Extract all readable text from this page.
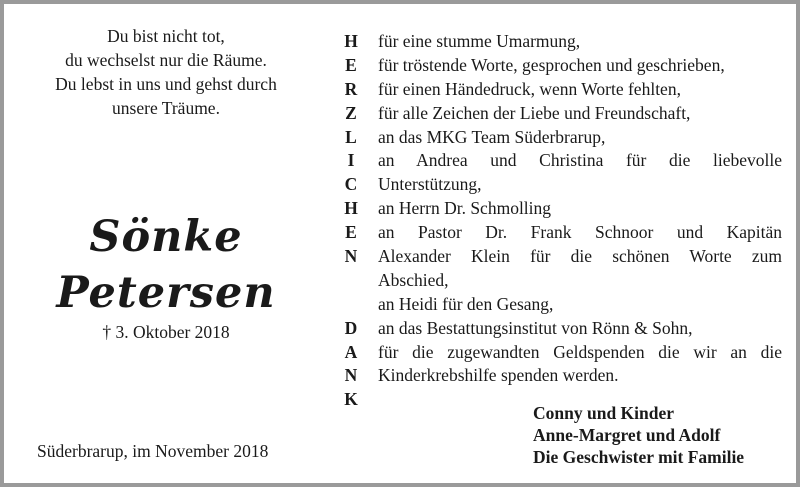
Du bist nicht tot,
du wechselst nur die Räume.
Du lebst in uns und gehst durch
unsere Träume.
Sönke
Petersen
† 3. Oktober 2018
Süderbrarup, im November 2018
H
E
R
Z
L
I
C
H
E
N
D
A
N
K
für eine stumme Umarmung,
für tröstende Worte, gesprochen und geschrieben,
für einen Händedruck, wenn Worte fehlten,
für alle Zeichen der Liebe und Freundschaft,
an das MKG Team Süderbrarup,
an Andrea und Christina für die liebevolle
Unterstützung,
an Herrn Dr. Schmolling
an Pastor Dr. Frank Schnoor und Kapitän
Alexander Klein für die schönen Worte zum
Abschied,
an Heidi für den Gesang,
an das Bestattungsinstitut von Rönn & Sohn,
für die zugewandten Geldspenden die wir an die
Kinderkrebshilfe spenden werden.
Conny und Kinder
Anne-Margret und Adolf
Die Geschwister mit Familie
